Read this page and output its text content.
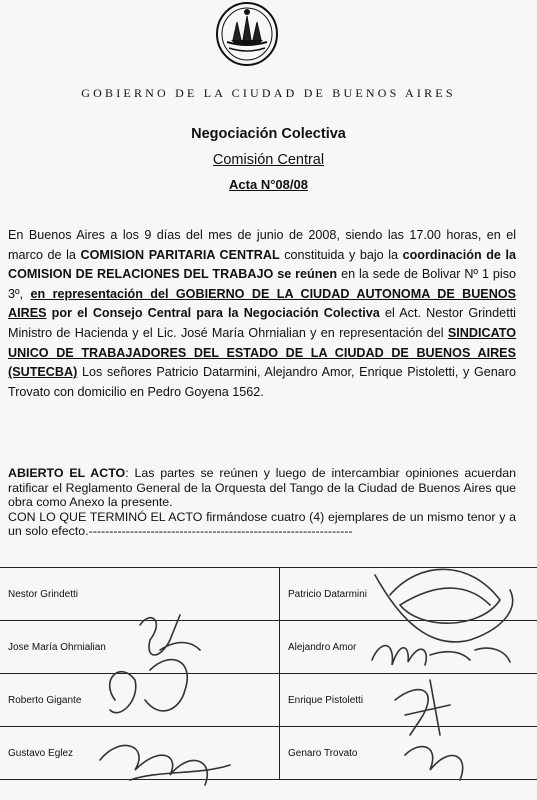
GOBIERNO DE LA CIUDAD DE BUENOS AIRES
Negociación Colectiva
Comisión Central
Acta N°08/08
En Buenos Aires a los 9 días del mes de junio de 2008, siendo las 17.00 horas, en el marco de la COMISION PARITARIA CENTRAL constituida y bajo la coordinación de la COMISION DE RELACIONES DEL TRABAJO se reúnen en la sede de Bolivar Nº 1 piso 3º, en representación del GOBIERNO DE LA CIUDAD AUTONOMA DE BUENOS AIRES por el Consejo Central para la Negociación Colectiva el Act. Nestor Grindetti Ministro de Hacienda y el Lic. José María Ohrnialian y en representación del SINDICATO UNICO DE TRABAJADORES DEL ESTADO DE LA CIUDAD DE BUENOS AIRES (SUTECBA) Los señores Patricio Datarmini, Alejandro Amor, Enrique Pistoletti, y Genaro Trovato con domicilio en Pedro Goyena 1562.
ABIERTO EL ACTO: Las partes se reúnen y luego de intercambiar opiniones acuerdan ratificar el Reglamento General de la Orquesta del Tango de la Ciudad de Buenos Aires que obra como Anexo la presente.
CON LO QUE TERMINÓ EL ACTO firmándose cuatro (4) ejemplares de un mismo tenor y a un solo efecto.----------------------------------------------------------------
Nestor Grindetti	Patricio Datarmini
Jose María Ohrnialian	Alejandro Amor
Roberto Gigante	Enrique Pistoletti
Gustavo Eglez	Genaro Trovato
